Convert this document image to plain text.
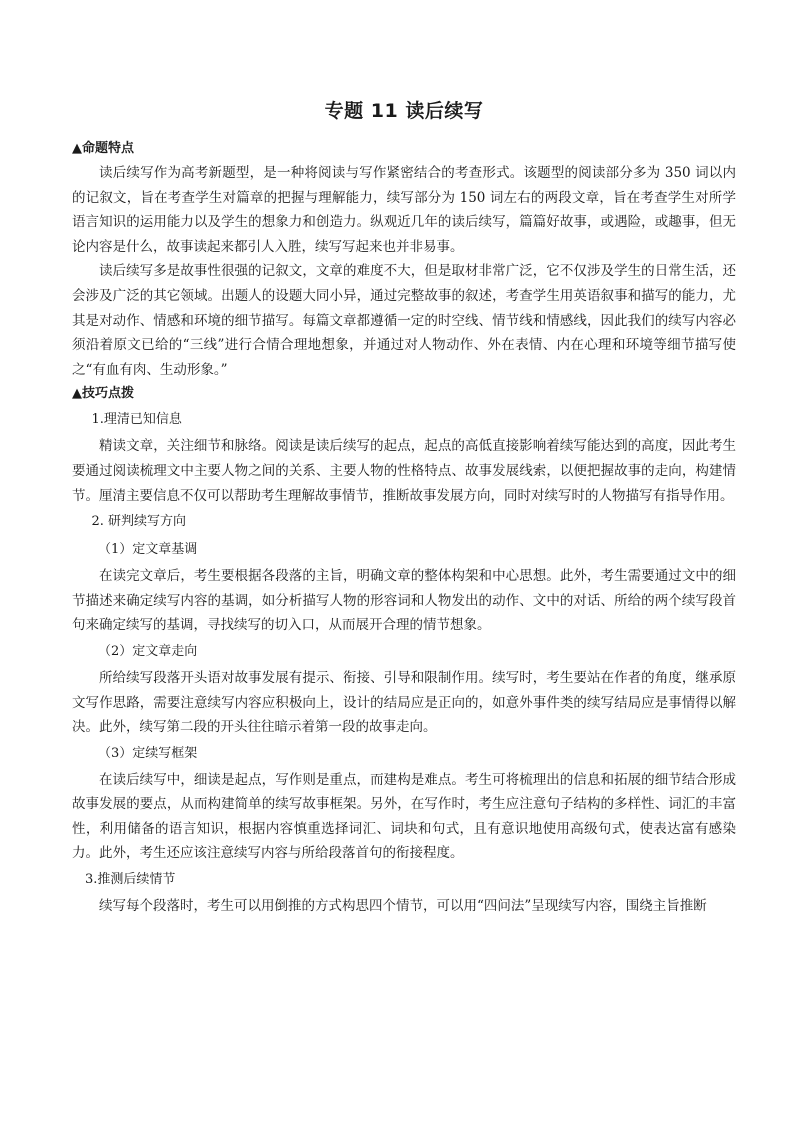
专题 11 读后续写

▲命题特点

读后续写作为高考新题型，是一种将阅读与写作紧密结合的考查形式。该题型的阅读部分多为 350 词以内的记叙文，旨在考查学生对篇章的把握与理解能力，续写部分为 150 词左右的两段文章，旨在考查学生对所学语言知识的运用能力以及学生的想象力和创造力。纵观近几年的读后续写，篇篇好故事，或遇险，或趣事，但无论内容是什么，故事读起来都引人入胜，续写写起来也并非易事。

读后续写多是故事性很强的记叙文，文章的难度不大，但是取材非常广泛，它不仅涉及学生的日常生活，还会涉及广泛的其它领域。出题人的设题大同小异，通过完整故事的叙述，考查学生用英语叙事和描写的能力，尤其是对动作、情感和环境的细节描写。每篇文章都遵循一定的时空线、情节线和情感线，因此我们的续写内容必须沿着原文已给的“三线”进行合情合理地想象，并通过对人物动作、外在表情、内在心理和环境等细节描写使之“有血有肉、生动形象。”

▲技巧点拨

1.理清已知信息

精读文章，关注细节和脉络。阅读是读后续写的起点，起点的高低直接影响着续写能达到的高度，因此考生要通过阅读梳理文中主要人物之间的关系、主要人物的性格特点、故事发展线索，以便把握故事的走向，构建情节。厘清主要信息不仅可以帮助考生理解故事情节，推断故事发展方向，同时对续写时的人物描写有指导作用。

2. 研判续写方向

（1）定文章基调

在读完文章后，考生要根据各段落的主旨，明确文章的整体构架和中心思想。此外，考生需要通过文中的细节描述来确定续写内容的基调，如分析描写人物的形容词和人物发出的动作、文中的对话、所给的两个续写段首句来确定续写的基调，寻找续写的切入口，从而展开合理的情节想象。

（2）定文章走向

所给续写段落开头语对故事发展有提示、衔接、引导和限制作用。续写时，考生要站在作者的角度，继承原文写作思路，需要注意续写内容应积极向上，设计的结局应是正向的，如意外事件类的续写结局应是事情得以解决。此外，续写第二段的开头往往暗示着第一段的故事走向。

（3）定续写框架

在读后续写中，细读是起点，写作则是重点，而建构是难点。考生可将梳理出的信息和拓展的细节结合形成故事发展的要点，从而构建简单的续写故事框架。另外，在写作时，考生应注意句子结构的多样性、词汇的丰富性，利用储备的语言知识，根据内容慎重选择词汇、词块和句式，且有意识地使用高级句式，使表达富有感染力。此外，考生还应该注意续写内容与所给段落首句的衔接程度。

3.推测后续情节

续写每个段落时，考生可以用倒推的方式构思四个情节，可以用“四问法”呈现续写内容，围绕主旨推断
